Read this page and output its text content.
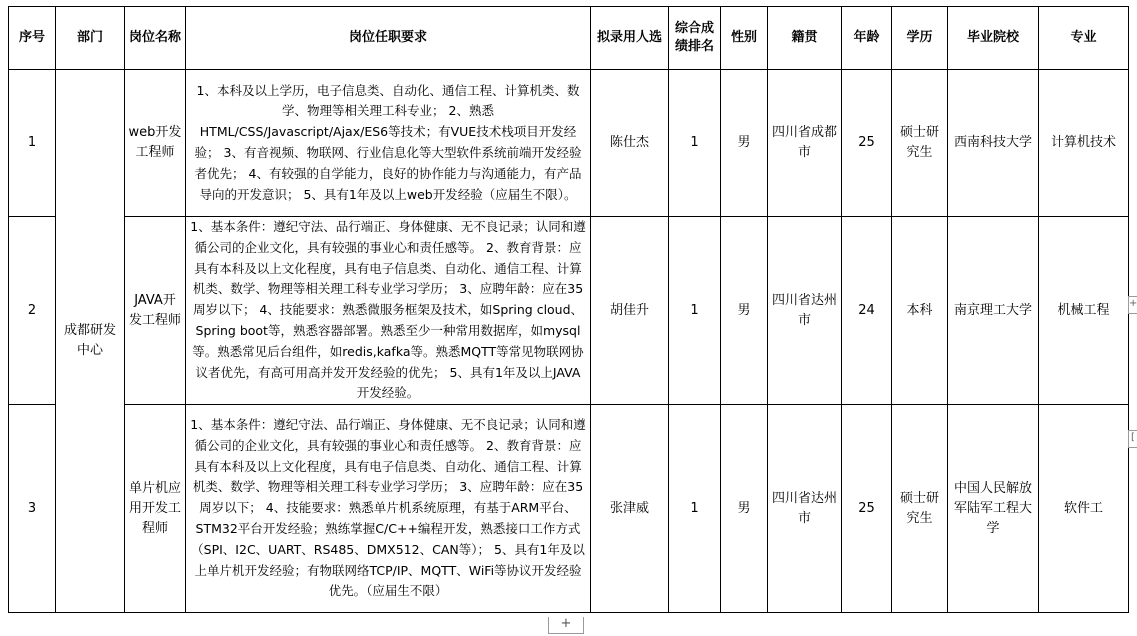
序号	部门	岗位名称	岗位任职要求	拟录用人选	综合成绩排名	性别	籍贯	年龄	学历	毕业院校	专业
1	成都研发中心	web开发工程师	1、本科及以上学历，电子信息类、自动化、通信工程、计算机类、数学、物理等相关理工科专业； 2、熟悉HTML/CSS/Javascript/Ajax/ES6等技术；有VUE技术栈项目开发经验； 3、有音视频、物联网、行业信息化等大型软件系统前端开发经验者优先； 4、有较强的自学能力，良好的协作能力与沟通能力，有产品导向的开发意识； 5、具有1年及以上web开发经验（应届生不限）。	陈仕杰	1	男	四川省成都市	25	硕士研究生	西南科技大学	计算机技术
2		JAVA开发工程师	1、基本条件：遵纪守法、品行端正、身体健康、无不良记录；认同和遵循公司的企业文化，具有较强的事业心和责任感等。 2、教育背景：应具有本科及以上文化程度，具有电子信息类、自动化、通信工程、计算机类、数学、物理等相关理工科专业学习学历； 3、应聘年龄：应在35周岁以下； 4、技能要求：熟悉微服务框架及技术，如Spring cloud、Spring boot等，熟悉容器部署。熟悉至少一种常用数据库，如mysql等。熟悉常见后台组件，如redis,kafka等。熟悉MQTT等常见物联网协议者优先，有高可用高并发开发经验的优先； 5、具有1年及以上JAVA开发经验。	胡佳升	1	男	四川省达州市	24	本科	南京理工大学	机械工程
3		单片机应用开发工程师	1、基本条件：遵纪守法、品行端正、身体健康、无不良记录；认同和遵循公司的企业文化，具有较强的事业心和责任感等。 2、教育背景：应具有本科及以上文化程度，具有电子信息类、自动化、通信工程、计算机类、数学、物理等相关理工科专业学习学历； 3、应聘年龄：应在35周岁以下； 4、技能要求：熟悉单片机系统原理，有基于ARM平台、STM32平台开发经验；熟练掌握C/C++编程开发，熟悉接口工作方式（SPI、I2C、UART、RS485、DMX512、CAN等）； 5、具有1年及以上单片机开发经验；有物联网络TCP/IP、MQTT、WiFi等协议开发经验优先。（应届生不限）	张津威	1	男	四川省达州市	25	硕士研究生	中国人民解放军陆军工程大学	软件工
+
+
[
